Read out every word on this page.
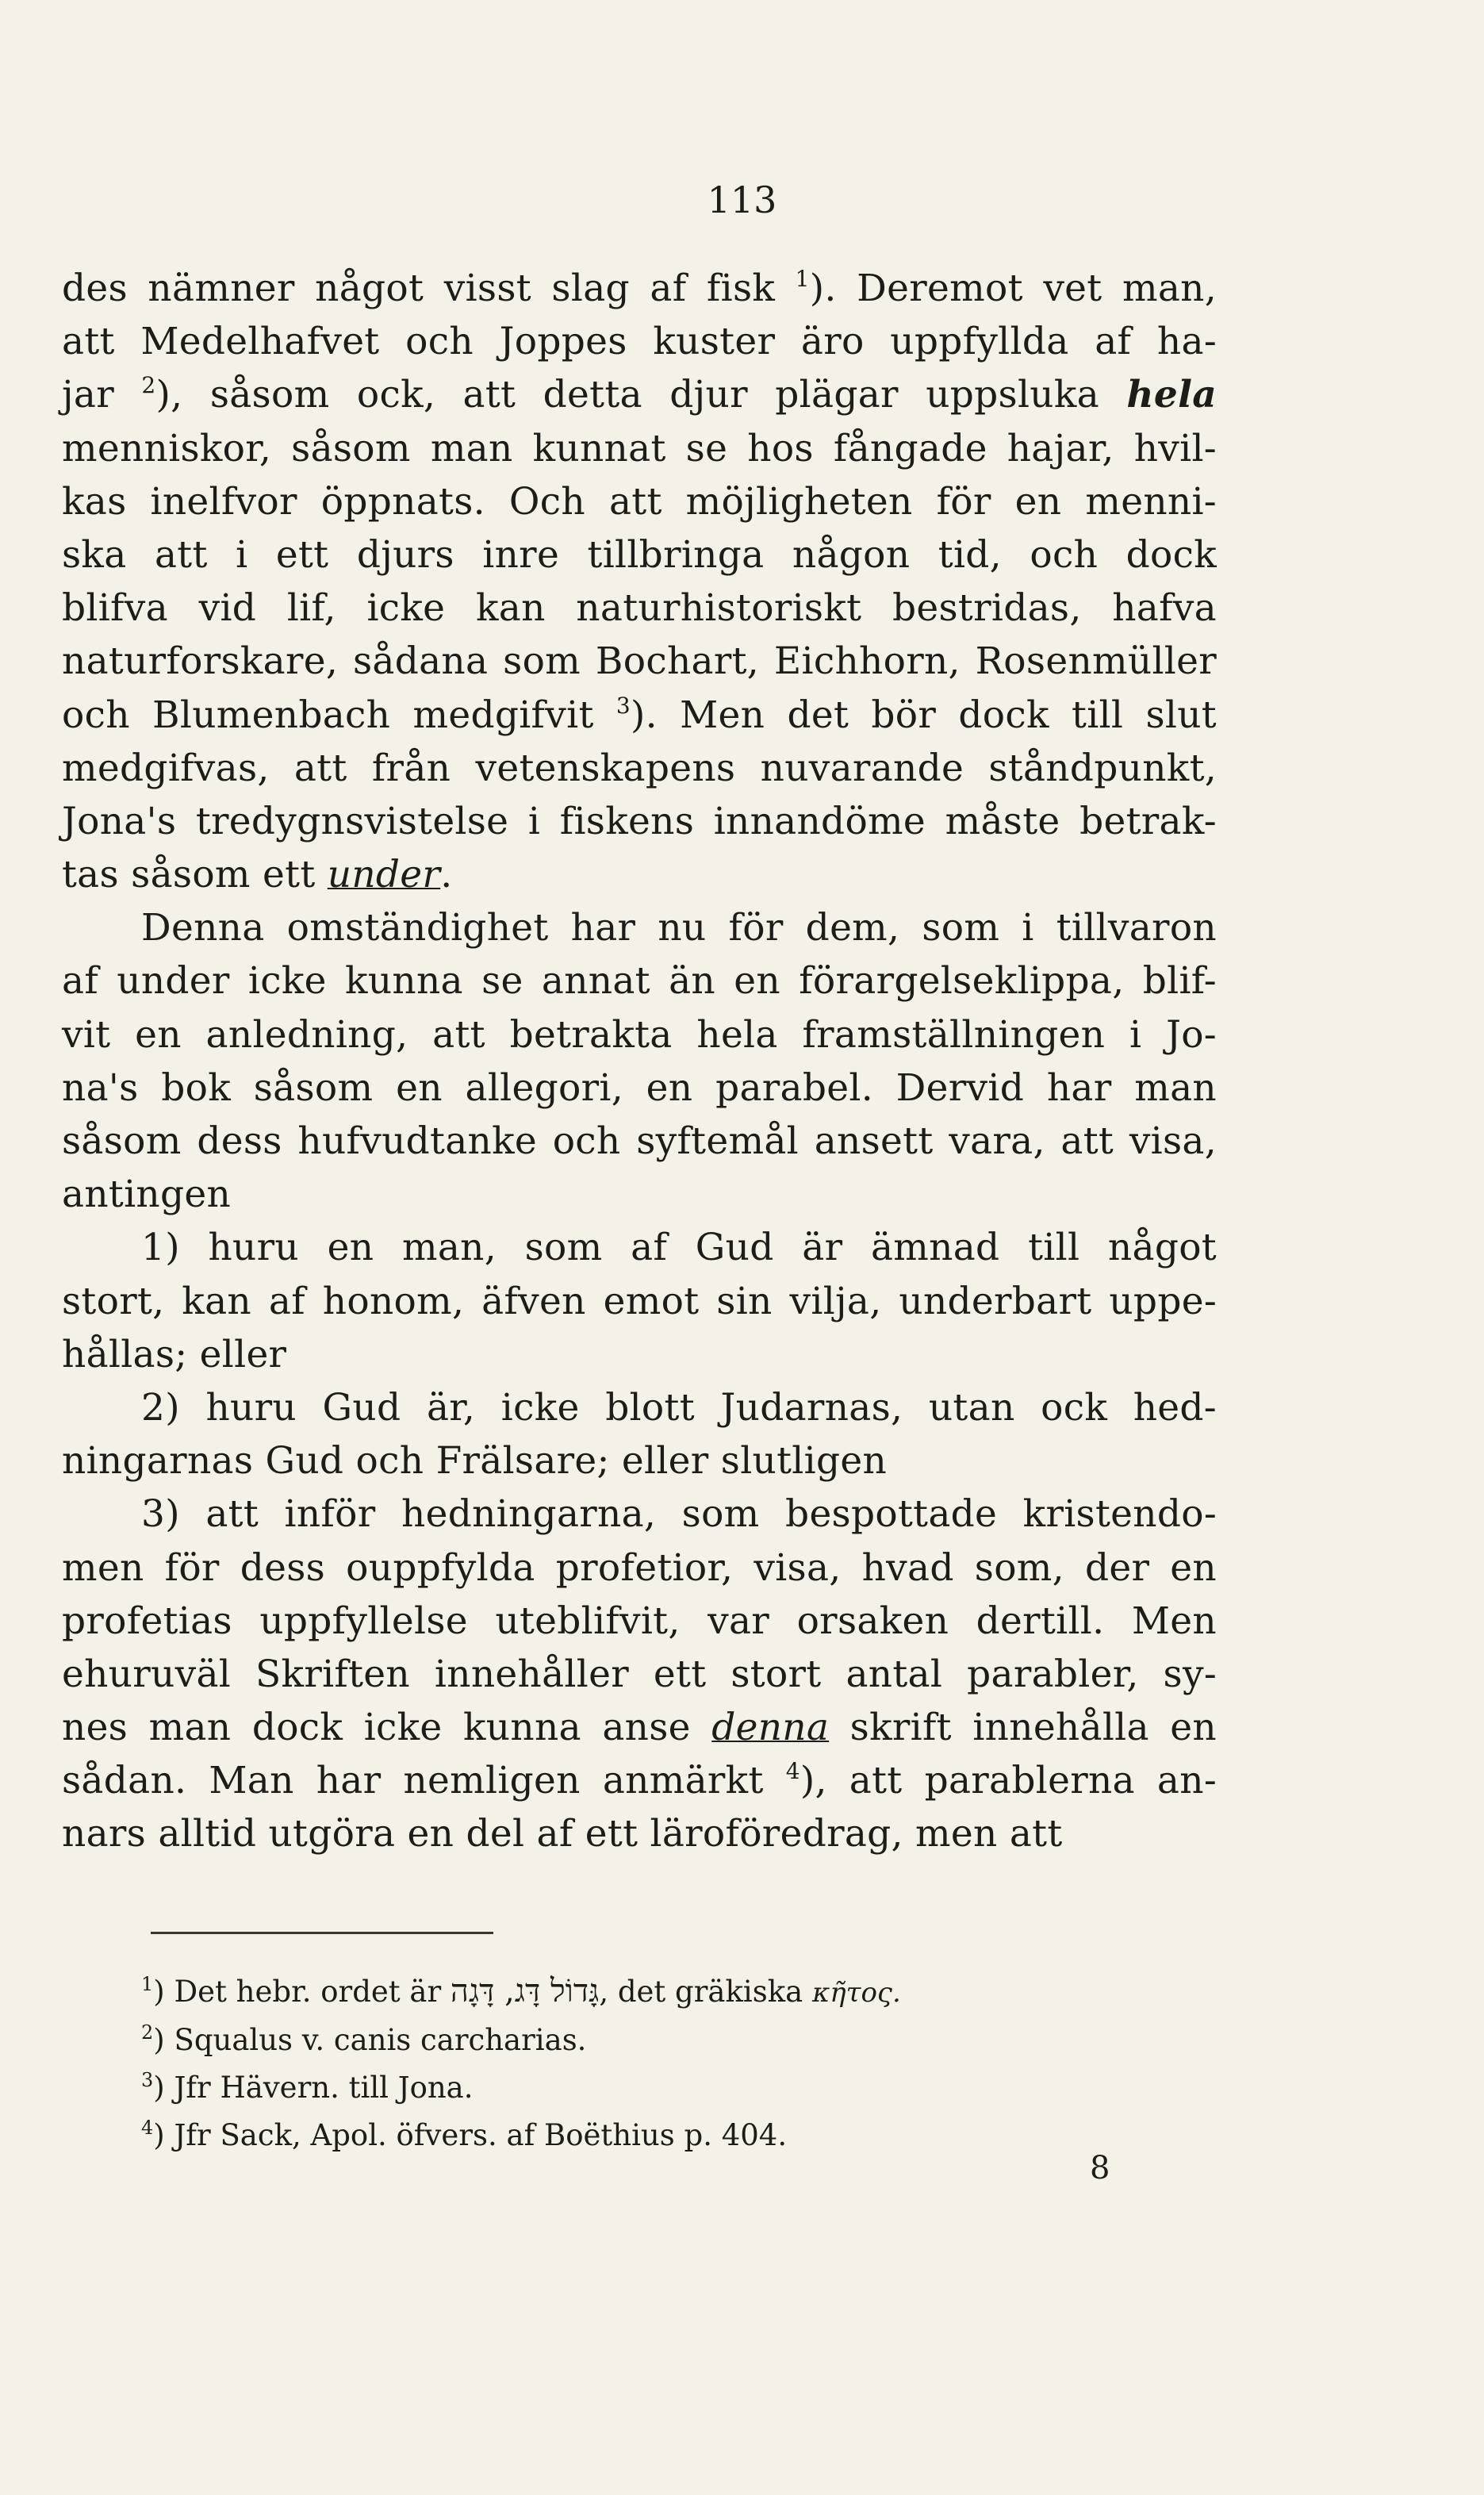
113
des nämner något visst slag af fisk $^1$). Deremot vet man,
att Medelhafvet och Joppes kuster äro uppfyllda af ha-
jar $^2$), såsom ock, att detta djur plägar uppsluka hela
menniskor, såsom man kunnat se hos fångade hajar, hvil-
kas inelfvor öppnats. Och att möjligheten för en menni-
ska att i ett djurs inre tillbringa någon tid, och dock
blifva vid lif, icke kan naturhistoriskt bestridas, hafva
naturforskare, sådana som Bochart, Eichhorn, Rosenmüller
och Blumenbach medgifvit $^3$). Men det bör dock till slut
medgifvas, att från vetenskapens nuvarande ståndpunkt,
Jona's tredygnsvistelse i fiskens innandöme måste betrak-
tas såsom ett under.
Denna omständighet har nu för dem, som i tillvaron
af under icke kunna se annat än en förargelseklippa, blif-
vit en anledning, att betrakta hela framställningen i Jo-
na's bok såsom en allegori, en parabel. Dervid har man
såsom dess hufvudtanke och syftemål ansett vara, att visa,
antingen
1) huru en man, som af Gud är ämnad till något
stort, kan af honom, äfven emot sin vilja, underbart uppe-
hållas; eller
2) huru Gud är, icke blott Judarnas, utan ock hed-
ningarnas Gud och Frälsare; eller slutligen
3) att inför hedningarna, som bespottade kristendo-
men för dess ouppfylda profetior, visa, hvad som, der en
profetias uppfyllelse uteblifvit, var orsaken dertill. Men
ehuruväl Skriften innehåller ett stort antal parabler, sy-
nes man dock icke kunna anse denna skrift innehålla en
sådan. Man har nemligen anmärkt $^4$), att parablerna an-
nars alltid utgöra en del af ett läroföredrag, men att
$^1$) Det hebr. ordet är גָּדוֹל דָּג, דָּגָה, det gräkiska κῆτος.
$^2$) Squalus v. canis carcharias.
$^3$) Jfr Hävern. till Jona.
$^4$) Jfr Sack, Apol. öfvers. af Boëthius p. 404.
8
